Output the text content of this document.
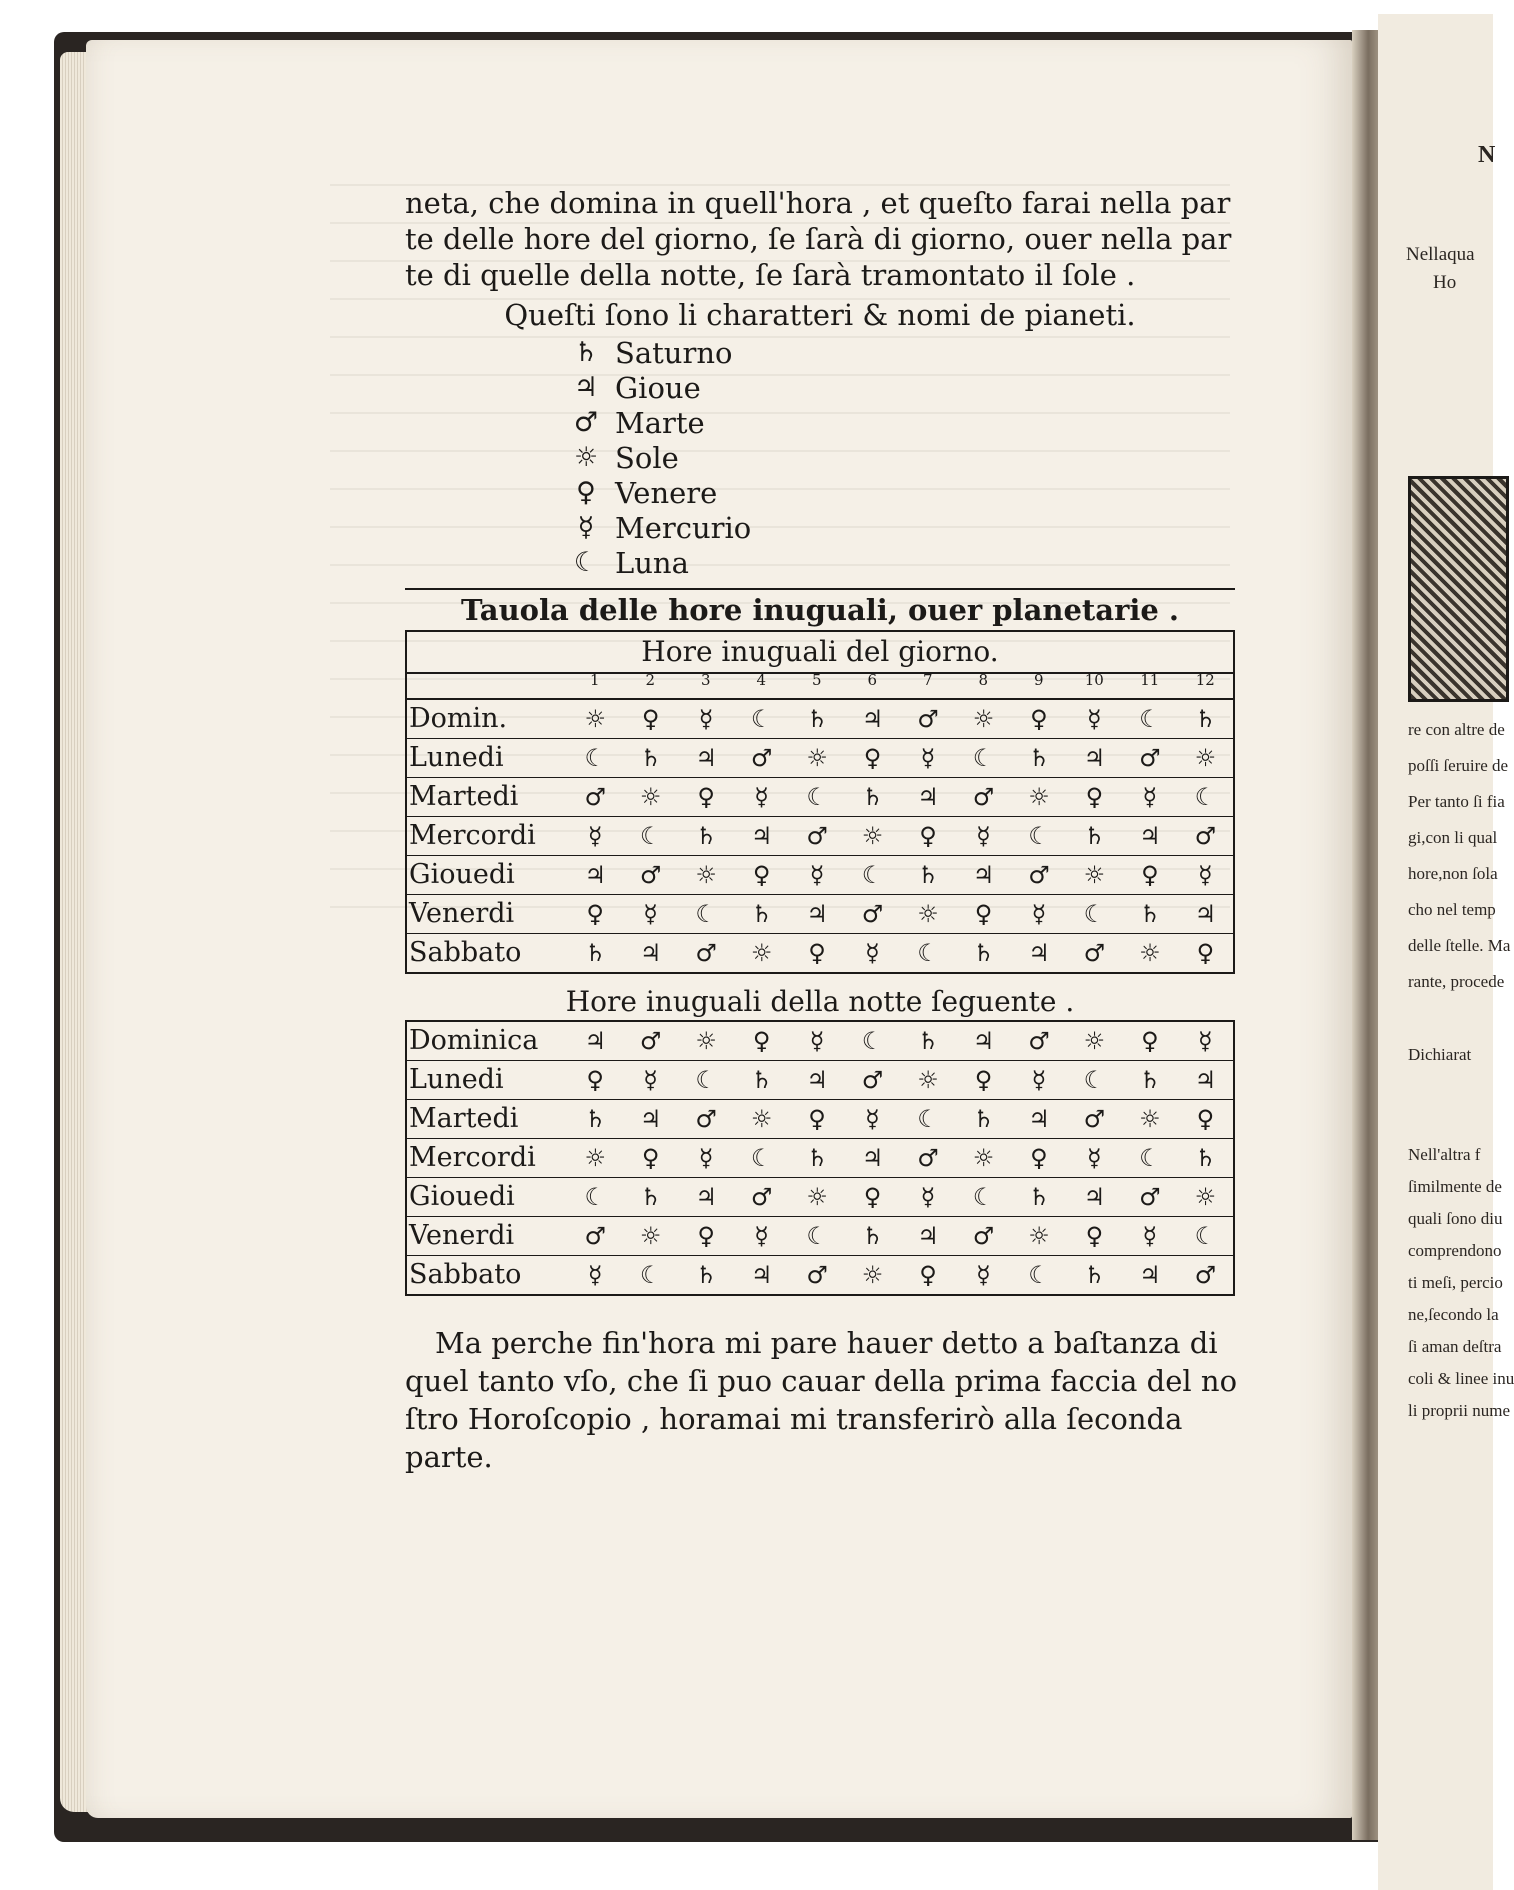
N
Nellaqua
Ho
re con altre de
poſſi ſeruire de
Per tanto ſi fia
gi,con li qual
hore,non ſola
cho nel temp
delle ſtelle. Ma
rante, procede
Dichiarat
Nell'altra f
ſimilmente de
quali ſono diu
comprendono
ti meſi, percio
ne,ſecondo la
ſi aman deſtra
coli & linee inu
li proprii nume
neta, che domina in quell'hora , et queſto farai nella par
te delle hore del giorno, ſe ſarà di giorno, ouer nella par
te di quelle della notte, ſe ſarà tramontato il ſole .
Queſti ſono li charatteri & nomi de pianeti.
♄ Saturno
♃ Gioue
♂ Marte
☼ Sole
♀ Venere
☿ Mercurio
☾ Luna
Tauola delle hore inuguali, ouer planetarie .
Hore inuguali del giorno.
1	2	3	4	5	6	7	8	9	10	11	12
Domin.	☼	♀	☿	☾	♄	♃	♂	☼	♀	☿	☾	♄
Lunedi	☾	♄	♃	♂	☼	♀	☿	☾	♄	♃	♂	☼
Martedi	♂	☼	♀	☿	☾	♄	♃	♂	☼	♀	☿	☾
Mercordi	☿	☾	♄	♃	♂	☼	♀	☿	☾	♄	♃	♂
Giouedi	♃	♂	☼	♀	☿	☾	♄	♃	♂	☼	♀	☿
Venerdi	♀	☿	☾	♄	♃	♂	☼	♀	☿	☾	♄	♃
Sabbato	♄	♃	♂	☼	♀	☿	☾	♄	♃	♂	☼	♀
Hore inuguali della notte ſeguente .
Dominica	♃	♂	☼	♀	☿	☾	♄	♃	♂	☼	♀	☿
Lunedi	♀	☿	☾	♄	♃	♂	☼	♀	☿	☾	♄	♃
Martedi	♄	♃	♂	☼	♀	☿	☾	♄	♃	♂	☼	♀
Mercordi	☼	♀	☿	☾	♄	♃	♂	☼	♀	☿	☾	♄
Giouedi	☾	♄	♃	♂	☼	♀	☿	☾	♄	♃	♂	☼
Venerdi	♂	☼	♀	☿	☾	♄	♃	♂	☼	♀	☿	☾
Sabbato	☿	☾	♄	♃	♂	☼	♀	☿	☾	♄	♃	♂
Ma perche fin'hora mi pare hauer detto a baſtanza di
quel tanto vſo, che ſi puo cauar della prima faccia del no
ſtro Horoſcopio , horamai mi transferirò alla ſeconda
parte.
